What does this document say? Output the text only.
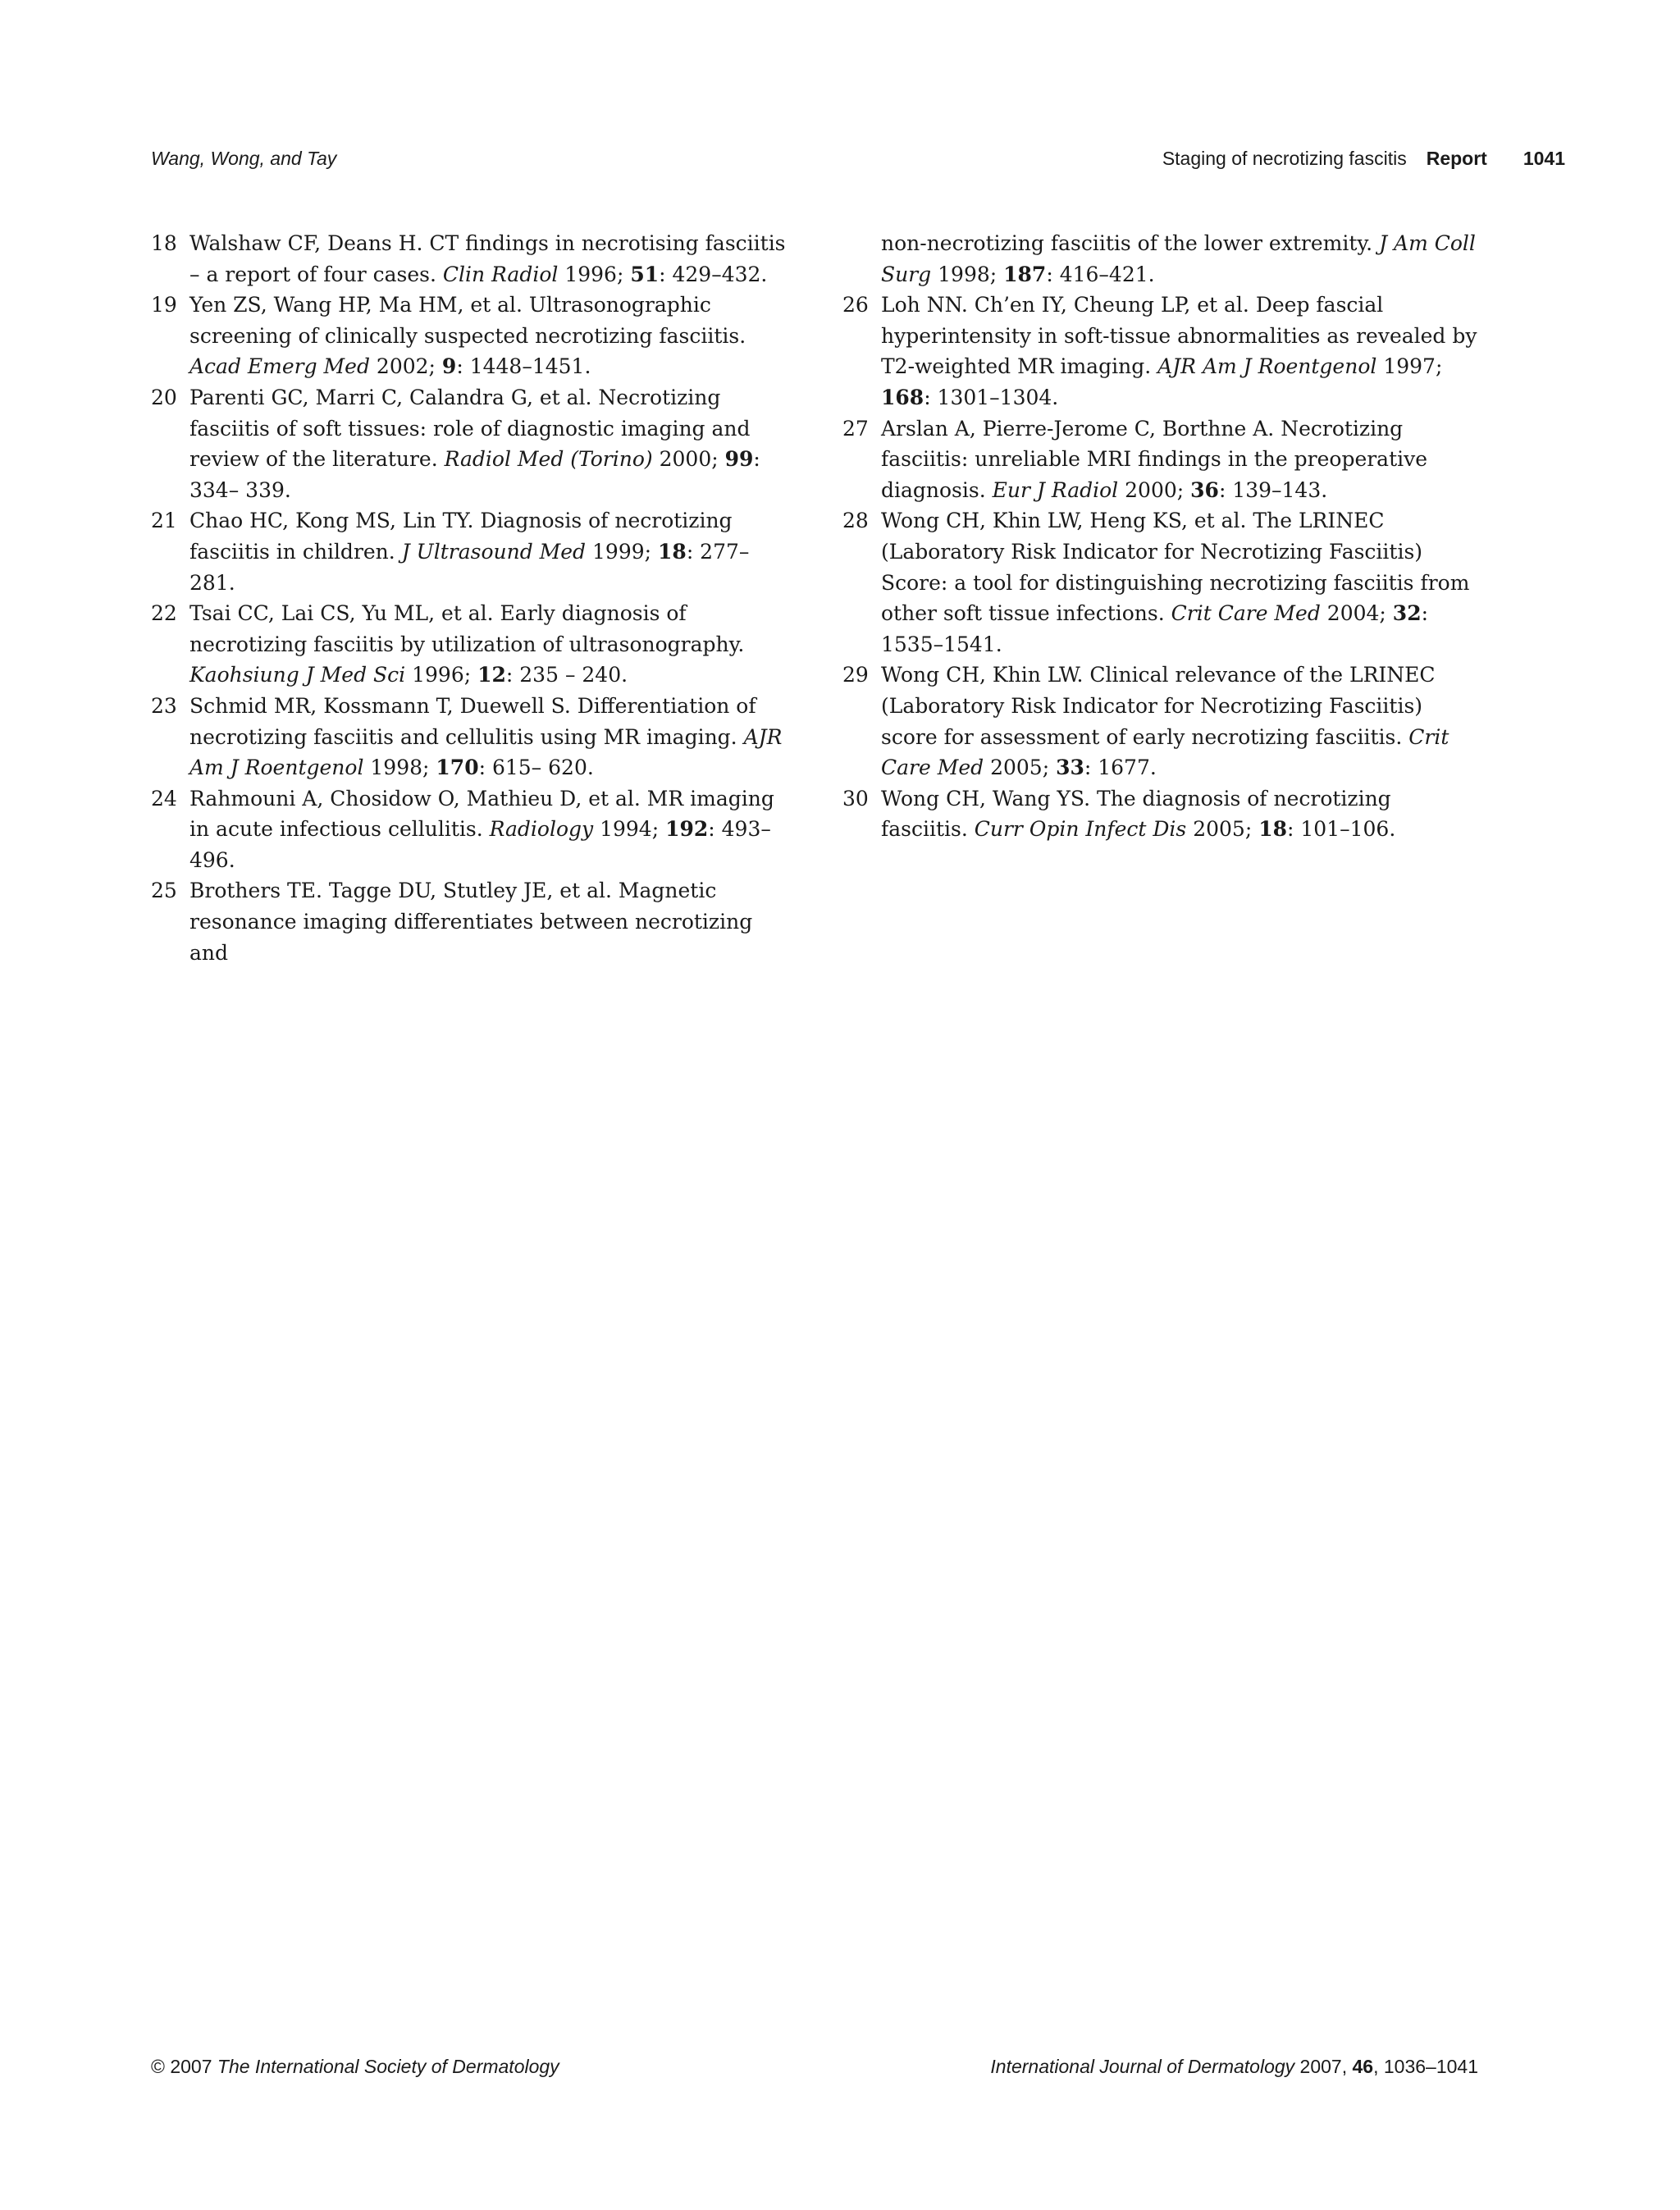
Wang, Wong, and Tay	Staging of necrotizing fascitis Report 1041

18 Walshaw CF, Deans H. CT findings in necrotising fasciitis – a report of four cases. Clin Radiol 1996; 51: 429–432.

19 Yen ZS, Wang HP, Ma HM, et al. Ultrasonographic screening of clinically suspected necrotizing fasciitis. Acad Emerg Med 2002; 9: 1448–1451.

20 Parenti GC, Marri C, Calandra G, et al. Necrotizing fasciitis of soft tissues: role of diagnostic imaging and review of the literature. Radiol Med (Torino) 2000; 99: 334– 339.

21 Chao HC, Kong MS, Lin TY. Diagnosis of necrotizing fasciitis in children. J Ultrasound Med 1999; 18: 277– 281.

22 Tsai CC, Lai CS, Yu ML, et al. Early diagnosis of necrotizing fasciitis by utilization of ultrasonography. Kaohsiung J Med Sci 1996; 12: 235 – 240.

23 Schmid MR, Kossmann T, Duewell S. Differentiation of necrotizing fasciitis and cellulitis using MR imaging. AJR Am J Roentgenol 1998; 170: 615– 620.

24 Rahmouni A, Chosidow O, Mathieu D, et al. MR imaging in acute infectious cellulitis. Radiology 1994; 192: 493–496.

25 Brothers TE. Tagge DU, Stutley JE, et al. Magnetic resonance imaging differentiates between necrotizing and

non-necrotizing fasciitis of the lower extremity. J Am Coll Surg 1998; 187: 416–421.

26 Loh NN. Ch’en IY, Cheung LP, et al. Deep fascial hyperintensity in soft-tissue abnormalities as revealed by T2-weighted MR imaging. AJR Am J Roentgenol 1997; 168: 1301–1304.

27 Arslan A, Pierre-Jerome C, Borthne A. Necrotizing fasciitis: unreliable MRI findings in the preoperative diagnosis. Eur J Radiol 2000; 36: 139–143.

28 Wong CH, Khin LW, Heng KS, et al. The LRINEC (Laboratory Risk Indicator for Necrotizing Fasciitis) Score: a tool for distinguishing necrotizing fasciitis from other soft tissue infections. Crit Care Med 2004; 32: 1535–1541.

29 Wong CH, Khin LW. Clinical relevance of the LRINEC (Laboratory Risk Indicator for Necrotizing Fasciitis) score for assessment of early necrotizing fasciitis. Crit Care Med 2005; 33: 1677.

30 Wong CH, Wang YS. The diagnosis of necrotizing fasciitis. Curr Opin Infect Dis 2005; 18: 101–106.

© 2007 The International Society of Dermatology	International Journal of Dermatology 2007, 46, 1036–1041
